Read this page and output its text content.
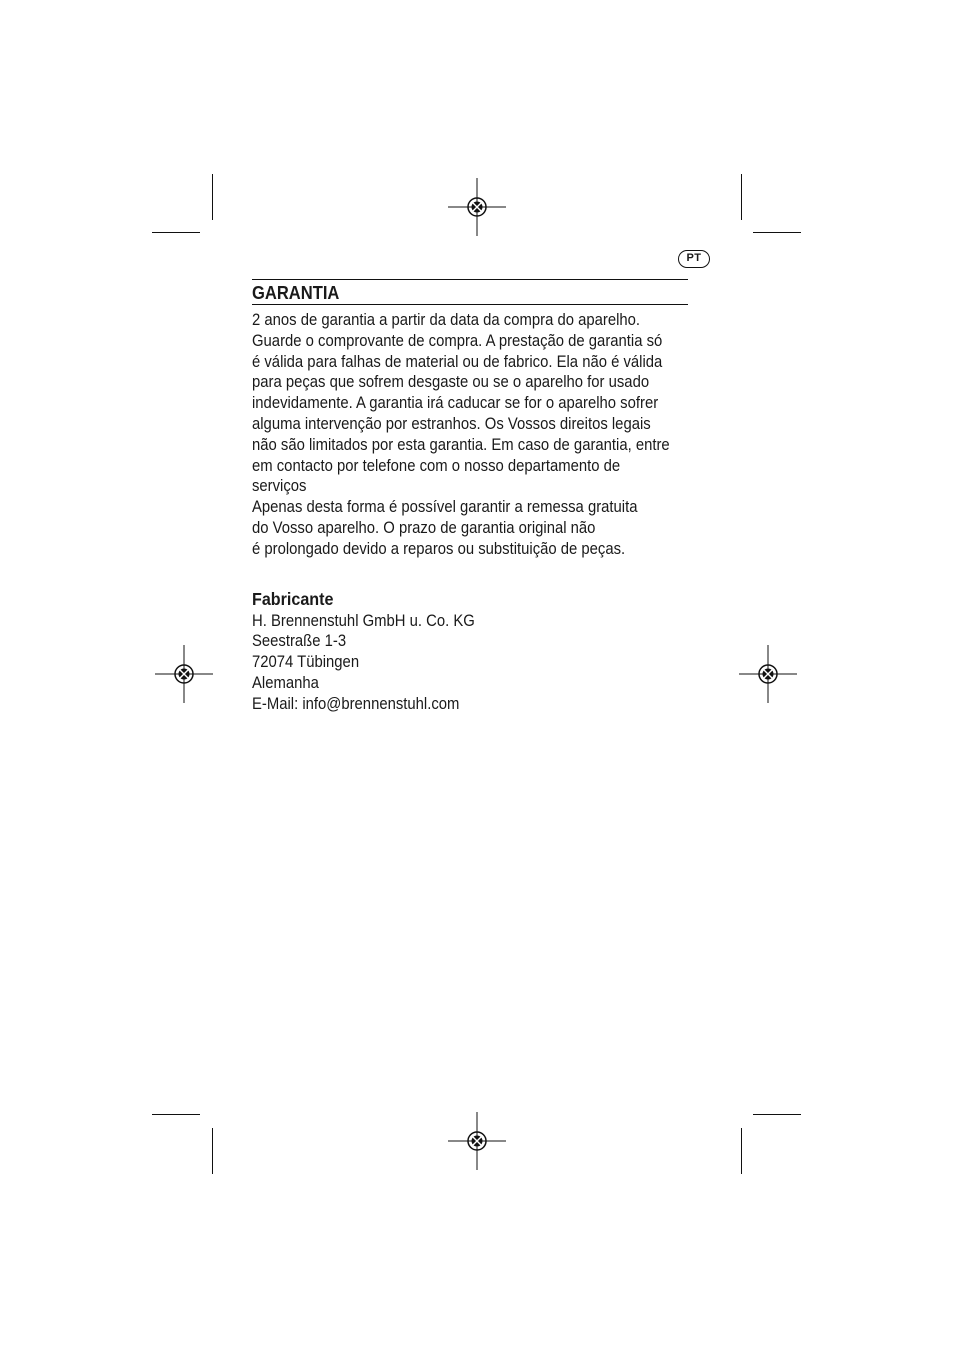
PT
GARANTIA
2 anos de garantia a partir da data da compra do aparelho.
Guarde o comprovante de compra. A prestação de garantia só
é válida para falhas de material ou de fabrico. Ela não é válida
para peças que sofrem desgaste ou se o aparelho for usado
indevidamente. A garantia irá caducar se for o aparelho sofrer
alguma intervenção por estranhos. Os Vossos direitos legais
não são limitados por esta garantia. Em caso de garantia, entre
em contacto por telefone com o nosso departamento de
serviços
Apenas desta forma é possível garantir a remessa gratuita
do Vosso aparelho. O prazo de garantia original não
é prolongado devido a reparos ou substituição de peças.
Fabricante
H. Brennenstuhl GmbH u. Co. KG
Seestraße 1-3
72074 Tübingen
Alemanha
E-Mail: info@brennenstuhl.com
